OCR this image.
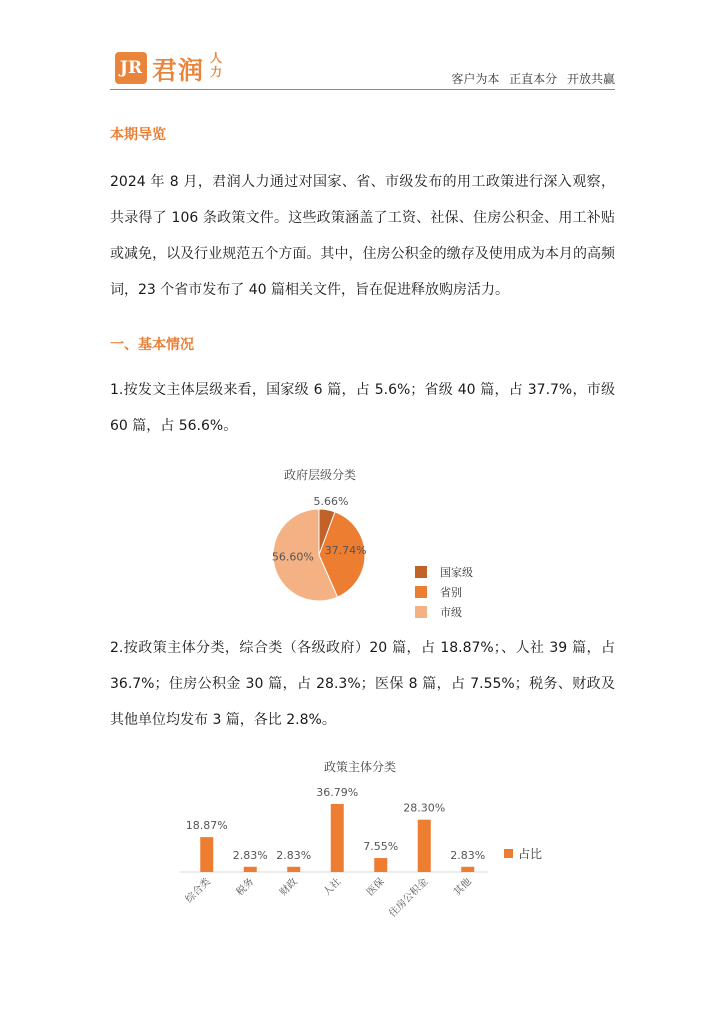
JR 君润 人力	客户为本 正直本分 开放共赢
本期导览

2024 年 8 月，君润人力通过对国家、省、市级发布的用工政策进行深入观察，共录得了 106 条政策文件。这些政策涵盖了工资、社保、住房公积金、用工补贴或减免，以及行业规范五个方面。其中，住房公积金的缴存及使用成为本月的高频词，23 个省市发布了 40 篇相关文件，旨在促进释放购房活力。

一、基本情况

1.按发文主体层级来看，国家级 6 篇，占 5.6%；省级 40 篇，占 37.7%，市级 60 篇，占 56.6%。

政府层级分类
5.66%
37.74%
56.60%
国家级
省别
市级

2.按政策主体分类，综合类（各级政府）20 篇，占 18.87%；、人社 39 篇，占 36.7%；住房公积金 30 篇，占 28.3%；医保 8 篇，占 7.55%；税务、财政及其他单位均发布 3 篇，各比 2.8%。

政策主体分类
18.87%
综合类
2.83%
税务
2.83%
财政
36.79%
人社
7.55%
医保
28.30%
住房公积金
2.83%
其他
占比
